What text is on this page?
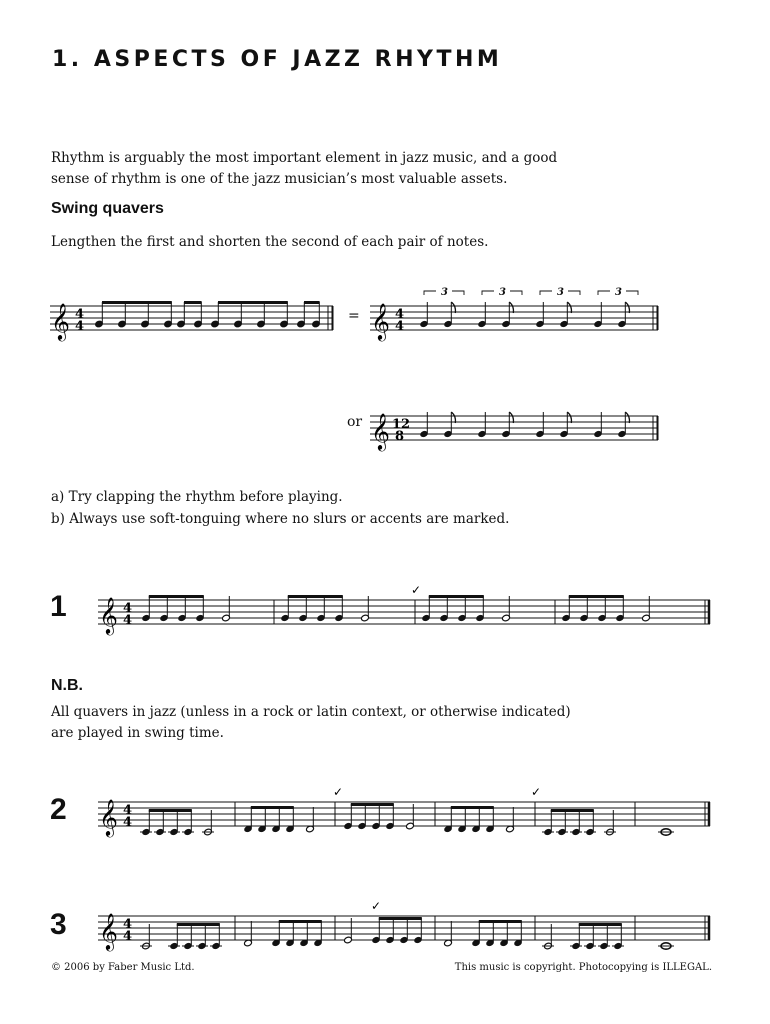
1. ASPECTS OF JAZZ RHYTHM

Rhythm is arguably the most important element in jazz music, and a good sense of rhythm is one of the jazz musician’s most valuable assets.

Swing quavers

Lengthen the first and shorten the second of each pair of notes.

𝄞 4
4
= 𝄞 4
4
3	3	3	3
or 𝄞 12
8

a) Try clapping the rhythm before playing.

b) Always use soft-tonguing where no slurs or accents are marked.

1 𝄞 4
4
✓
N.B.

All quavers in jazz (unless in a rock or latin context, or otherwise indicated) are played in swing time.

2 𝄞 4
4
✓	✓
3 𝄞 4
4
✓
© 2006 by Faber Music Ltd.	This music is copyright. Photocopying is ILLEGAL.
